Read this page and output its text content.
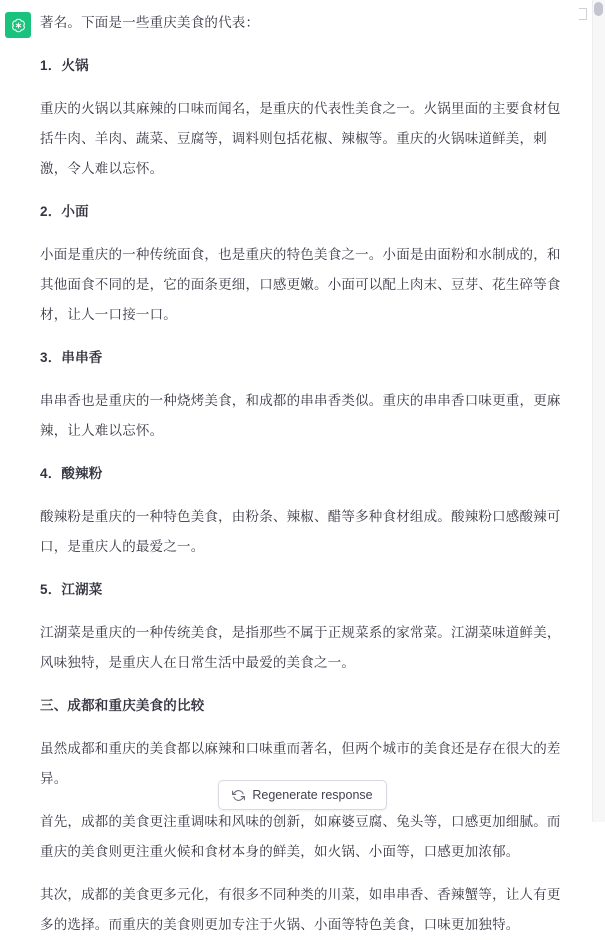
著名。下面是一些重庆美食的代表：

1．火锅

重庆的火锅以其麻辣的口味而闻名，是重庆的代表性美食之一。火锅里面的主要食材包括牛肉、羊肉、蔬菜、豆腐等，调料则包括花椒、辣椒等。重庆的火锅味道鲜美，刺激，令人难以忘怀。

2．小面

小面是重庆的一种传统面食，也是重庆的特色美食之一。小面是由面粉和水制成的，和其他面食不同的是，它的面条更细，口感更嫩。小面可以配上肉末、豆芽、花生碎等食材，让人一口接一口。

3．串串香

串串香也是重庆的一种烧烤美食，和成都的串串香类似。重庆的串串香口味更重，更麻辣，让人难以忘怀。

4．酸辣粉

酸辣粉是重庆的一种特色美食，由粉条、辣椒、醋等多种食材组成。酸辣粉口感酸辣可口，是重庆人的最爱之一。

5．江湖菜

江湖菜是重庆的一种传统美食，是指那些不属于正规菜系的家常菜。江湖菜味道鲜美，风味独特，是重庆人在日常生活中最爱的美食之一。

三、成都和重庆美食的比较

虽然成都和重庆的美食都以麻辣和口味重而著名，但两个城市的美食还是存在很大的差异。

首先，成都的美食更注重调味和风味的创新，如麻婆豆腐、兔头等，口感更加细腻。而重庆的美食则更注重火候和食材本身的鲜美，如火锅、小面等，口感更加浓郁。

其次，成都的美食更多元化，有很多不同种类的川菜，如串串香、香辣蟹等，让人有更多的选择。而重庆的美食则更加专注于火锅、小面等特色美食，口味更加独特。

Regenerate response
